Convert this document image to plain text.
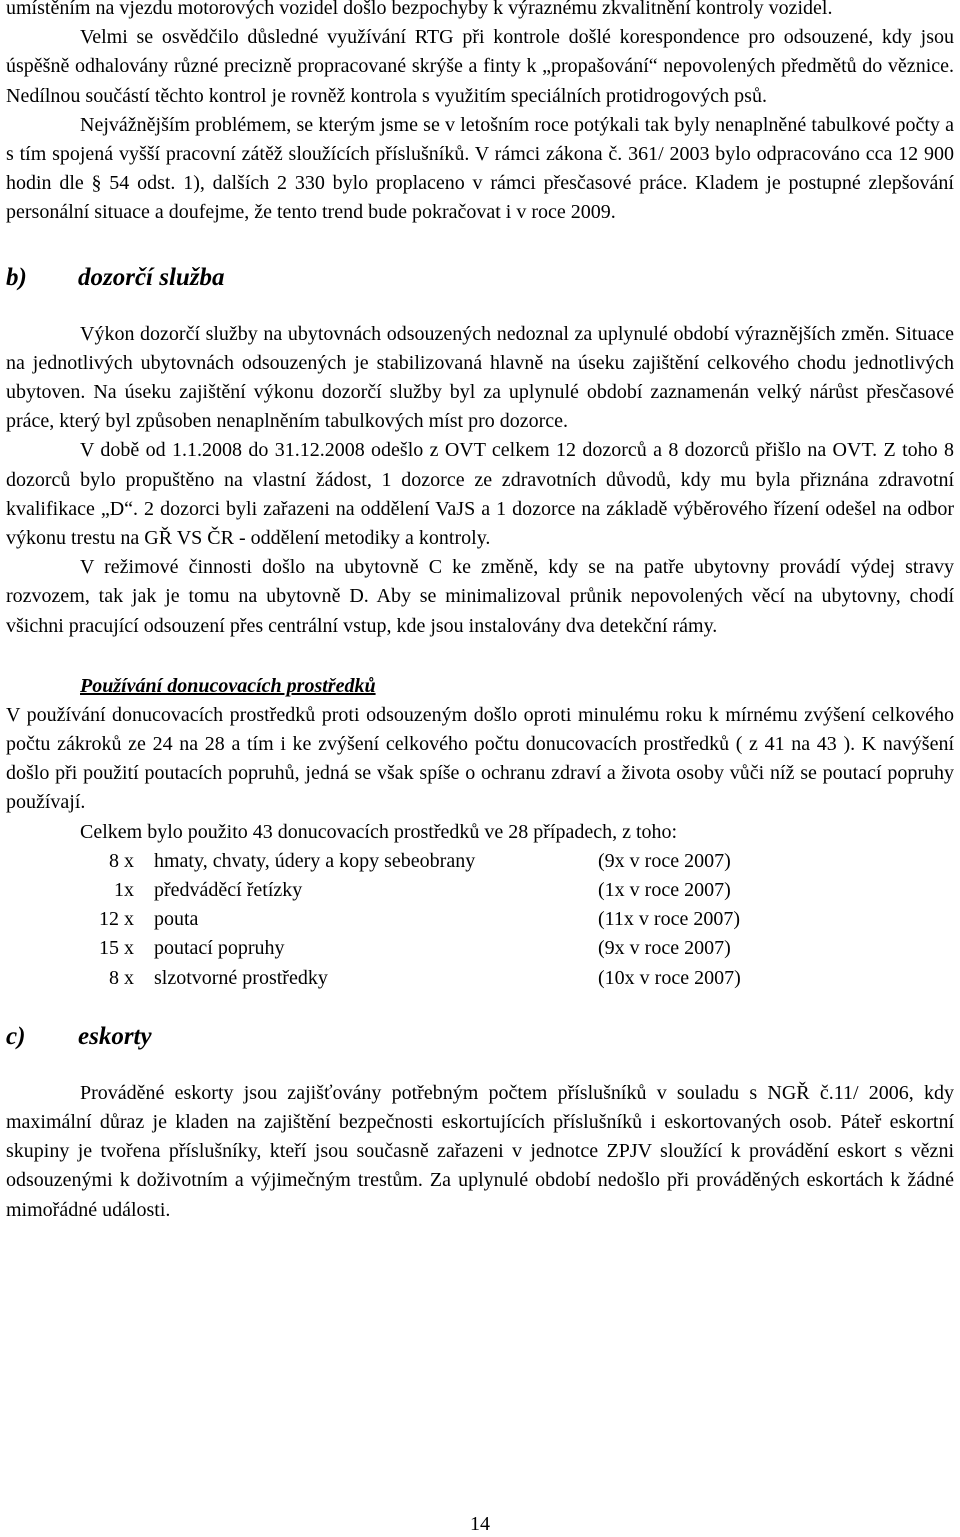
umístěním na vjezdu motorových vozidel došlo bezpochyby k výraznému zkvalitnění kontroly vozidel.

Velmi se osvědčilo důsledné využívání RTG při kontrole došlé korespondence pro odsouzené, kdy jsou úspěšně odhalovány různé precizně propracované skrýše a finty k „propašování“ nepovolených předmětů do věznice. Nedílnou součástí těchto kontrol je rovněž kontrola s využitím speciálních protidrogových psů.

Nejvážnějším problémem, se kterým jsme se v letošním roce potýkali tak byly nenaplněné tabulkové počty a s tím spojená vyšší pracovní zátěž sloužících příslušníků. V rámci zákona č. 361/ 2003 bylo odpracováno cca 12 900 hodin dle § 54 odst. 1), dalších 2 330 bylo proplaceno v rámci přesčasové práce. Kladem je postupné zlepšování personální situace a doufejme, že tento trend bude pokračovat i v roce 2009.

b)	dozorčí služba

Výkon dozorčí služby na ubytovnách odsouzených nedoznal za uplynulé období výraznějších změn. Situace na jednotlivých ubytovnách odsouzených je stabilizovaná hlavně na úseku zajištění celkového chodu jednotlivých ubytoven. Na úseku zajištění výkonu dozorčí služby byl za uplynulé období zaznamenán velký nárůst přesčasové práce, který byl způsoben nenaplněním tabulkových míst pro dozorce.

V době od 1.1.2008 do 31.12.2008 odešlo z OVT celkem 12 dozorců a 8 dozorců přišlo na OVT. Z toho 8 dozorců bylo propuštěno na vlastní žádost, 1 dozorce ze zdravotních důvodů, kdy mu byla přiznána zdravotní kvalifikace „D“. 2 dozorci byli zařazeni na oddělení VaJS a 1 dozorce na základě výběrového řízení odešel na odbor výkonu trestu na GŘ VS ČR - oddělení metodiky a kontroly.

V režimové činnosti došlo na ubytovně C ke změně, kdy se na patře ubytovny provádí výdej stravy rozvozem, tak jak je tomu na ubytovně D. Aby se minimalizoval průnik nepovolených věcí na ubytovny, chodí všichni pracující odsouzení přes centrální vstup, kde jsou instalovány dva detekční rámy.

Používání donucovacích prostředků

V používání donucovacích prostředků proti odsouzeným došlo oproti minulému roku k mírnému zvýšení celkového počtu zákroků ze 24 na 28 a tím i ke zvýšení celkového počtu donucovacích prostředků ( z 41 na 43 ). K navýšení došlo při použití poutacích popruhů, jedná se však spíše o ochranu zdraví a života osoby vůči níž se poutací popruhy používají.

Celkem bylo použito 43 donucovacích prostředků ve 28 případech, z toho:

8 x hmaty, chvaty, údery a kopy sebeobrany	(9x v roce 2007)
1x předváděcí řetízky	(1x v roce 2007)
12 x pouta	(11x v roce 2007)
15 x poutací popruhy	(9x v roce 2007)
8 x slzotvorné prostředky	(10x v roce 2007)
c)	eskorty

Prováděné eskorty jsou zajišťovány potřebným počtem příslušníků v souladu s NGŘ č.11/ 2006, kdy maximální důraz je kladen na zajištění bezpečnosti eskortujících příslušníků i eskortovaných osob. Páteř eskortní skupiny je tvořena příslušníky, kteří jsou současně zařazeni v jednotce ZPJV sloužící k provádění eskort s vězni odsouzenými k doživotním a výjimečným trestům. Za uplynulé období nedošlo při prováděných eskortách k žádné mimořádné události.

14
